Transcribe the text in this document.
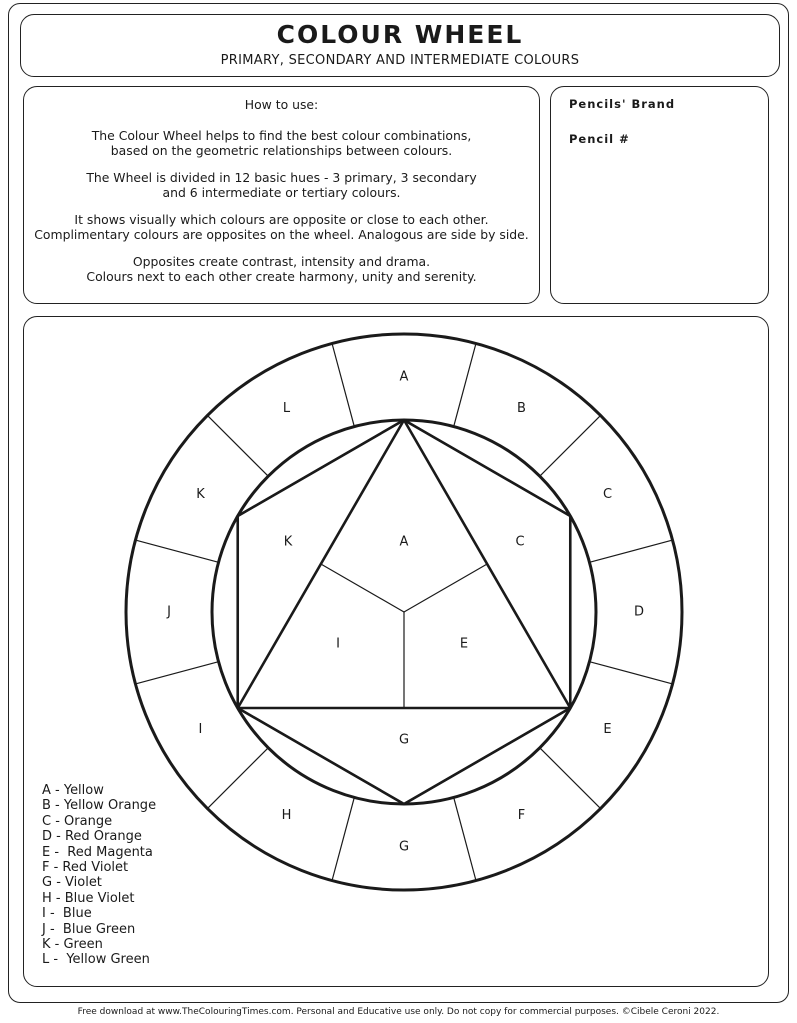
COLOUR WHEEL
PRIMARY, SECONDARY AND INTERMEDIATE COLOURS

How to use:

The Colour Wheel helps to find the best colour combinations,
based on the geometric relationships between colours.

The Wheel is divided in 12 basic hues - 3 primary, 3 secondary
and 6 intermediate or tertiary colours.

It shows visually which colours are opposite or close to each other.
Complimentary colours are opposites on the wheel. Analogous are side by side.

Opposites create contrast, intensity and drama.
Colours next to each other create harmony, unity and serenity.

Pencils' Brand
Pencil #
A
B
C
D
E
F
G
H
I
J
K
L
A	C
E
G
I
K
A - Yellow
B - Yellow Orange
C - Orange
D - Red Orange
E -  Red Magenta
F - Red Violet
G - Violet
H - Blue Violet
I -  Blue
J -  Blue Green
K - Green
L -  Yellow Green
Free download at www.TheColouringTimes.com. Personal and Educative use only. Do not copy for commercial purposes. ©Cibele Ceroni 2022.
